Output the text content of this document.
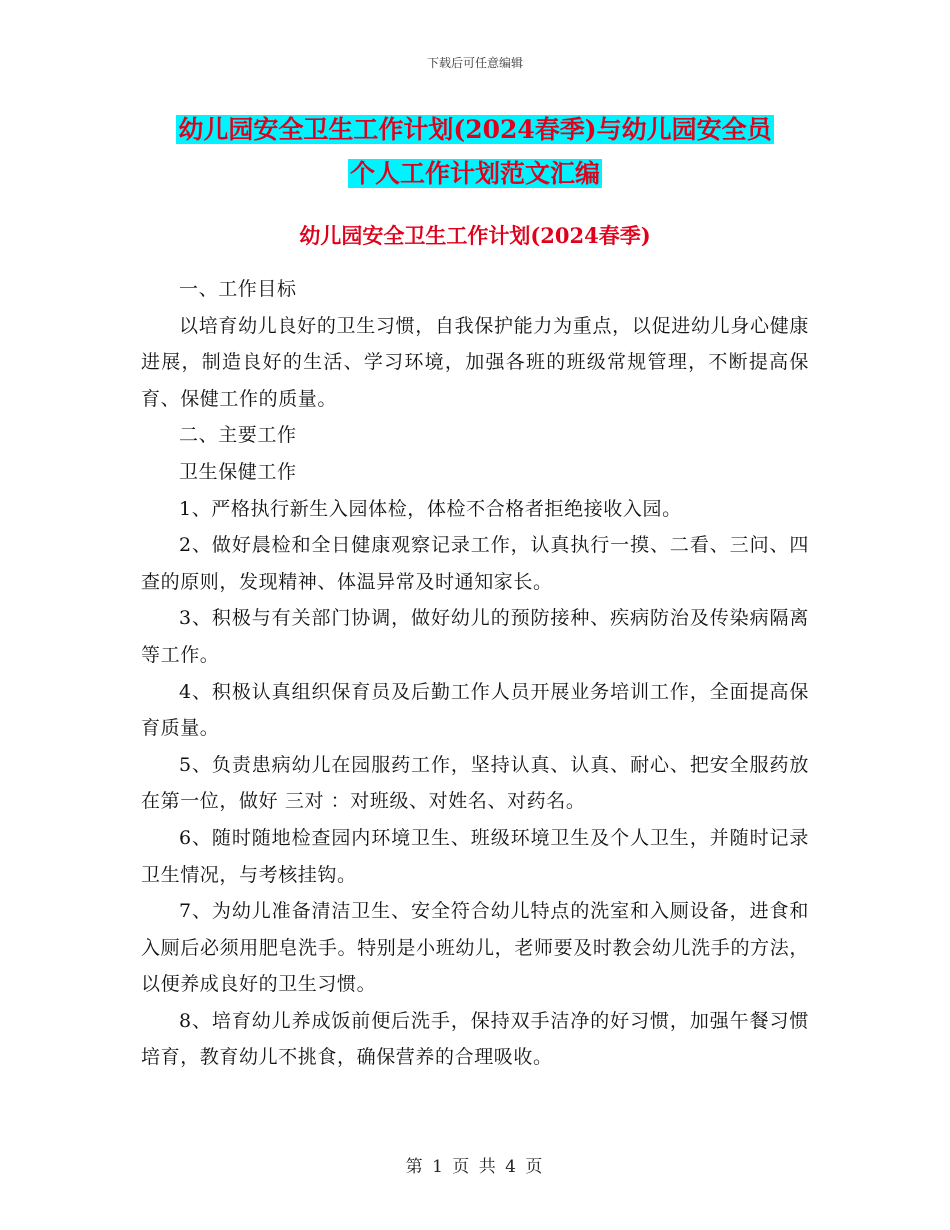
下载后可任意编辑
幼儿园安全卫生工作计划(2024春季)与幼儿园安全员
个人工作计划范文汇编
幼儿园安全卫生工作计划(2024春季)

一、工作目标

以培育幼儿良好的卫生习惯，自我保护能力为重点，以促进幼儿身心健康进展，制造良好的生活、学习环境，加强各班的班级常规管理，不断提高保育、保健工作的质量。

二、主要工作

卫生保健工作

1、严格执行新生入园体检，体检不合格者拒绝接收入园。

2、做好晨检和全日健康观察记录工作，认真执行一摸、二看、三问、四查的原则，发现精神、体温异常及时通知家长。

3、积极与有关部门协调，做好幼儿的预防接种、疾病防治及传染病隔离等工作。

4、积极认真组织保育员及后勤工作人员开展业务培训工作，全面提高保育质量。

5、负责患病幼儿在园服药工作，坚持认真、认真、耐心、把安全服药放在第一位，做好 三对 ：对班级、对姓名、对药名。

6、随时随地检查园内环境卫生、班级环境卫生及个人卫生，并随时记录卫生情况，与考核挂钩。

7、为幼儿准备清洁卫生、安全符合幼儿特点的洗室和入厕设备，进食和入厕后必须用肥皂洗手。特别是小班幼儿，老师要及时教会幼儿洗手的方法，以便养成良好的卫生习惯。

8、培育幼儿养成饭前便后洗手，保持双手洁净的好习惯，加强午餐习惯培育，教育幼儿不挑食，确保营养的合理吸收。

第 1 页 共 4 页
